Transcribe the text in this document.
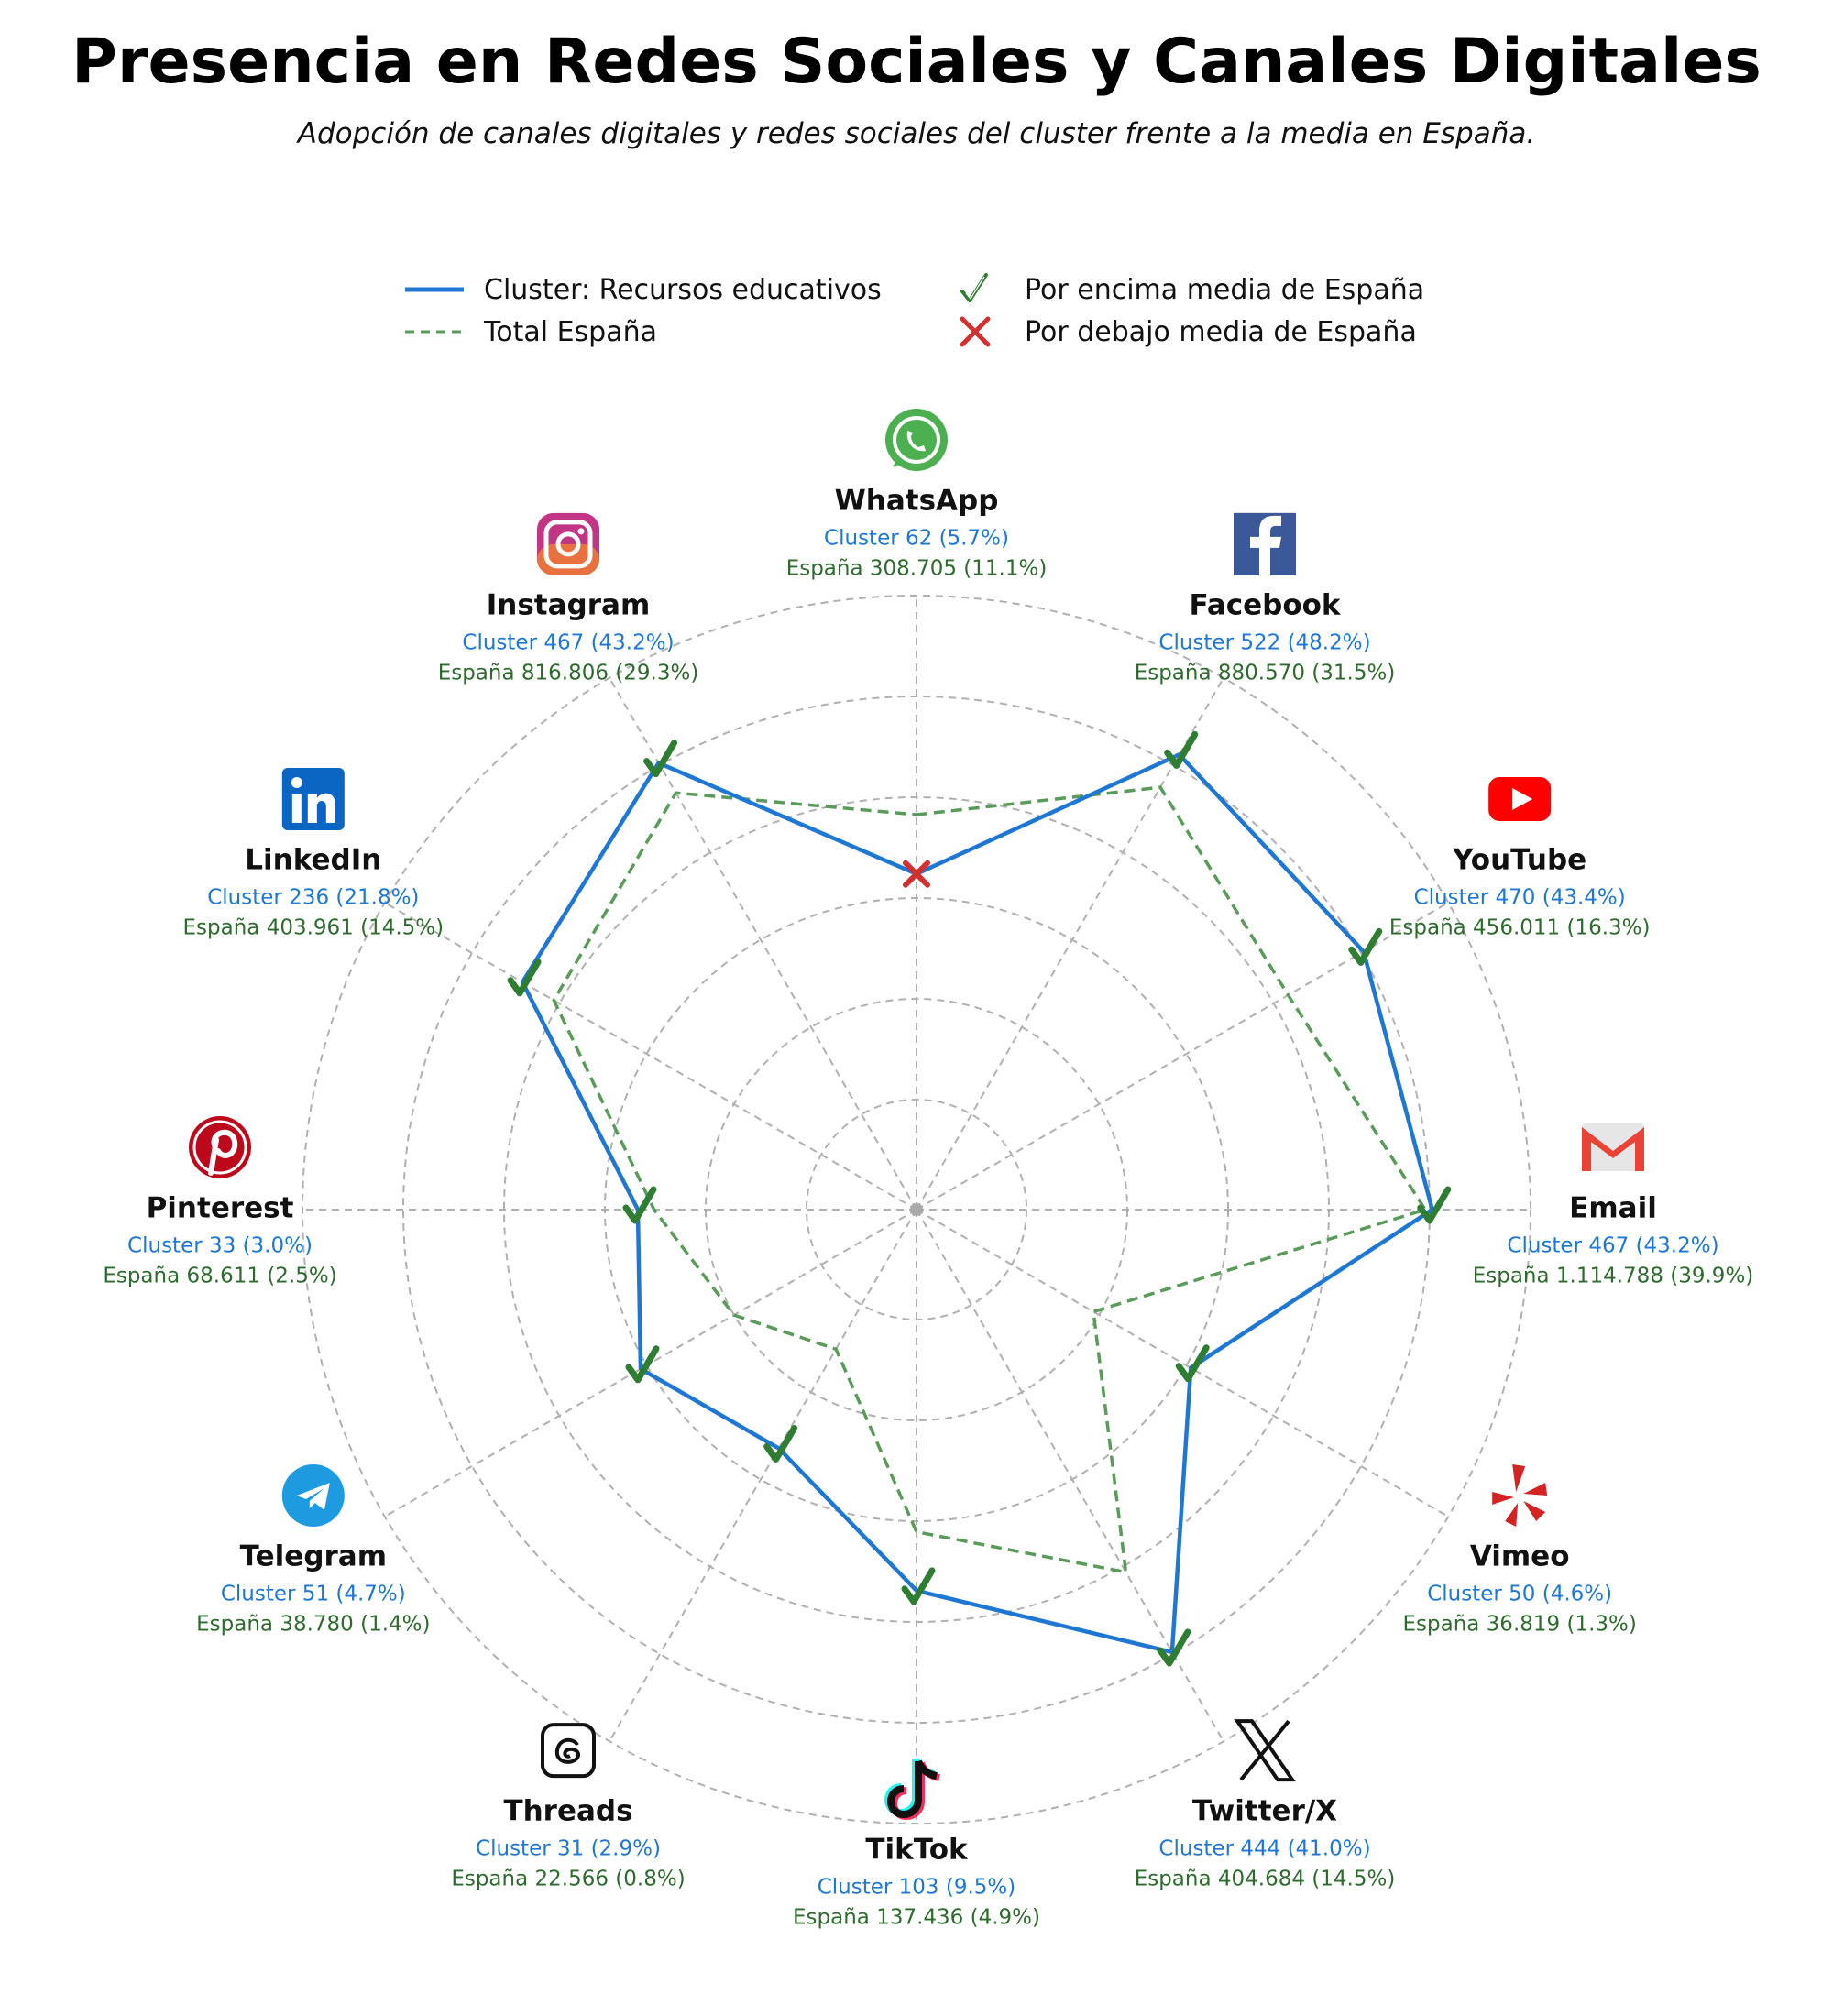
Presencia en Redes Sociales y Canales Digitales
Adopción de canales digitales y redes sociales del cluster frente a la media en España.
Cluster: Recursos educativos
Total España
Por encima media de España
Por debajo media de España
WhatsApp
Cluster 62 (5.7%)
España 308.705 (11.1%)
Facebook
Cluster 522 (48.2%)
España 880.570 (31.5%)
YouTube
Cluster 470 (43.4%)
España 456.011 (16.3%)
Email
Cluster 467 (43.2%)
España 1.114.788 (39.9%)
Vimeo
Cluster 50 (4.6%)
España 36.819 (1.3%)
Twitter/X
Cluster 444 (41.0%)
España 404.684 (14.5%)
TikTok
Cluster 103 (9.5%)
España 137.436 (4.9%)
Threads
Cluster 31 (2.9%)
España 22.566 (0.8%)
Telegram
Cluster 51 (4.7%)
España 38.780 (1.4%)
Pinterest
Cluster 33 (3.0%)
España 68.611 (2.5%)
LinkedIn
Cluster 236 (21.8%)
España 403.961 (14.5%)
Instagram
Cluster 467 (43.2%)
España 816.806 (29.3%)
